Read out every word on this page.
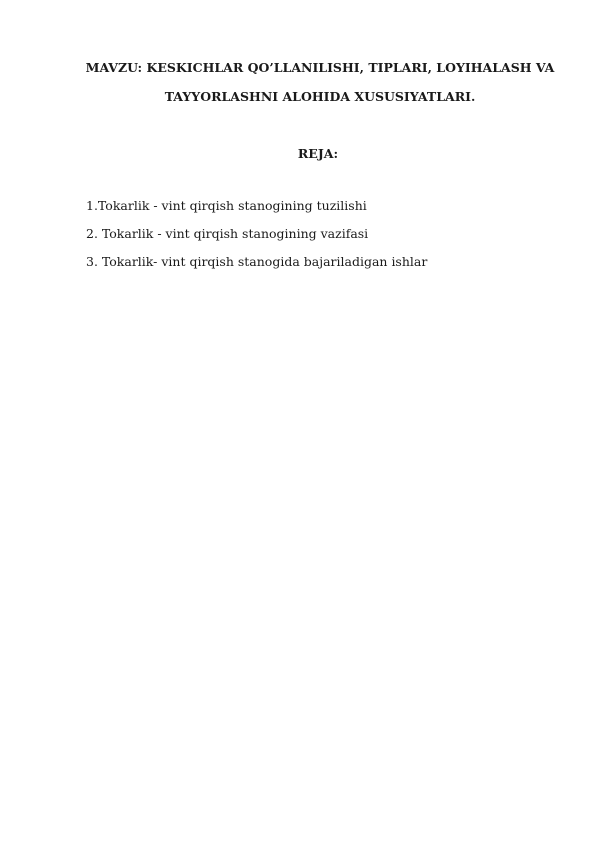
MAVZU: KESKICHLAR QO’LLANILISHI, TIPLARI, LOYIHALASH VA
TAYYORLASHNI ALOHIDA XUSUSIYATLARI.
REJA:
1.Tokarlik - vint qirqish stanogining tuzilishi
2. Tokarlik - vint qirqish stanogining vazifasi
3. Tokarlik- vint qirqish stanogida bajariladigan ishlar
